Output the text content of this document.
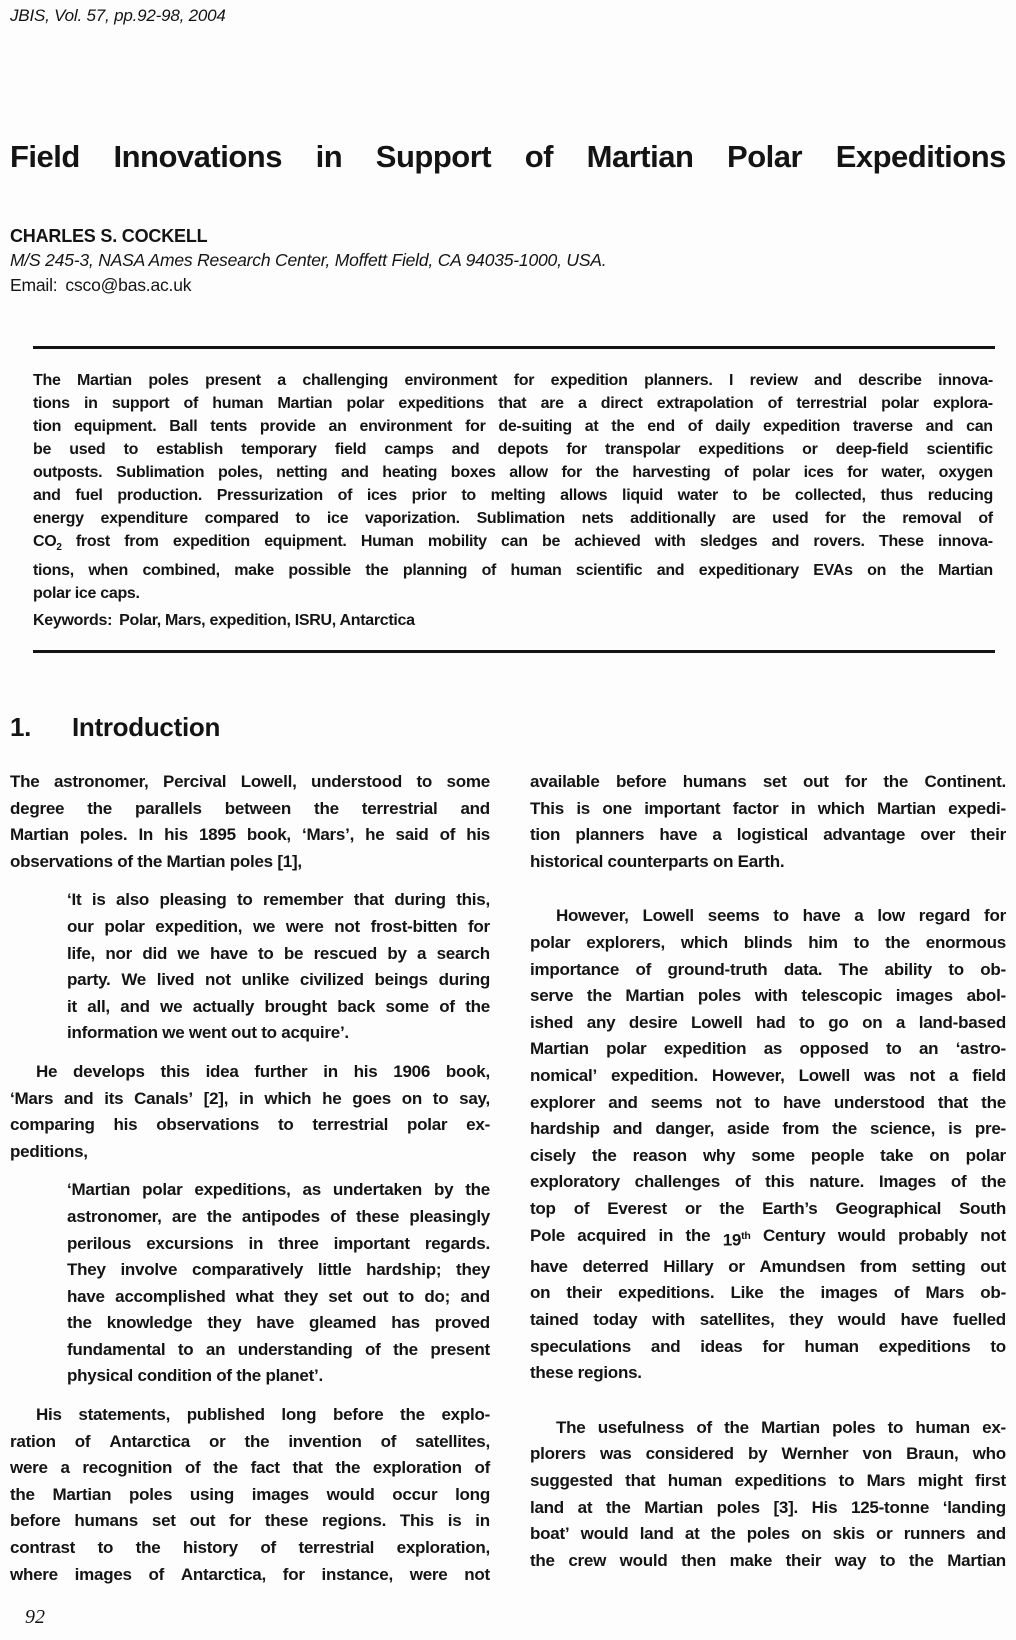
JBIS, Vol. 57, pp.92-98, 2004
Field Innovations in Support of Martian Polar Expeditions
CHARLES S. COCKELL
M/S 245-3, NASA Ames Research Center, Moffett Field, CA 94035-1000, USA.
Email: csco@bas.ac.uk
The Martian poles present a challenging environment for expedition planners. I review and describe innova-
tions in support of human Martian polar expeditions that are a direct extrapolation of terrestrial polar explora-
tion equipment. Ball tents provide an environment for de-suiting at the end of daily expedition traverse and can
be used to establish temporary field camps and depots for transpolar expeditions or deep-field scientific
outposts. Sublimation poles, netting and heating boxes allow for the harvesting of polar ices for water, oxygen
and fuel production. Pressurization of ices prior to melting allows liquid water to be collected, thus reducing
energy expenditure compared to ice vaporization. Sublimation nets additionally are used for the removal of
$CO_2$ frost from expedition equipment. Human mobility can be achieved with sledges and rovers. These innova-
tions, when combined, make possible the planning of human scientific and expeditionary EVAs on the Martian
polar ice caps.
Keywords: Polar, Mars, expedition, ISRU, Antarctica
1. Introduction
The astronomer, Percival Lowell, understood to some
degree the parallels between the terrestrial and
Martian poles. In his 1895 book, ‘Mars’, he said of his
observations of the Martian poles [1],
‘It is also pleasing to remember that during this,
our polar expedition, we were not frost-bitten for
life, nor did we have to be rescued by a search
party. We lived not unlike civilized beings during
it all, and we actually brought back some of the
information we went out to acquire’.
He develops this idea further in his 1906 book,
‘Mars and its Canals’ [2], in which he goes on to say,
comparing his observations to terrestrial polar ex-
peditions,
‘Martian polar expeditions, as undertaken by the
astronomer, are the antipodes of these pleasingly
perilous excursions in three important regards.
They involve comparatively little hardship; they
have accomplished what they set out to do; and
the knowledge they have gleamed has proved
fundamental to an understanding of the present
physical condition of the planet’.
His statements, published long before the explo-
ration of Antarctica or the invention of satellites,
were a recognition of the fact that the exploration of
the Martian poles using images would occur long
before humans set out for these regions. This is in
contrast to the history of terrestrial exploration,
where images of Antarctica, for instance, were not
available before humans set out for the Continent.
This is one important factor in which Martian expedi-
tion planners have a logistical advantage over their
historical counterparts on Earth.
However, Lowell seems to have a low regard for
polar explorers, which blinds him to the enormous
importance of ground-truth data. The ability to ob-
serve the Martian poles with telescopic images abol-
ished any desire Lowell had to go on a land-based
Martian polar expedition as opposed to an ‘astro-
nomical’ expedition. However, Lowell was not a field
explorer and seems not to have understood that the
hardship and danger, aside from the science, is pre-
cisely the reason why some people take on polar
exploratory challenges of this nature. Images of the
top of Everest or the Earth’s Geographical South
Pole acquired in the 19th Century would probably not
have deterred Hillary or Amundsen from setting out
on their expeditions. Like the images of Mars ob-
tained today with satellites, they would have fuelled
speculations and ideas for human expeditions to
these regions.
The usefulness of the Martian poles to human ex-
plorers was considered by Wernher von Braun, who
suggested that human expeditions to Mars might first
land at the Martian poles [3]. His 125-tonne ‘landing
boat’ would land at the poles on skis or runners and
the crew would then make their way to the Martian
92
